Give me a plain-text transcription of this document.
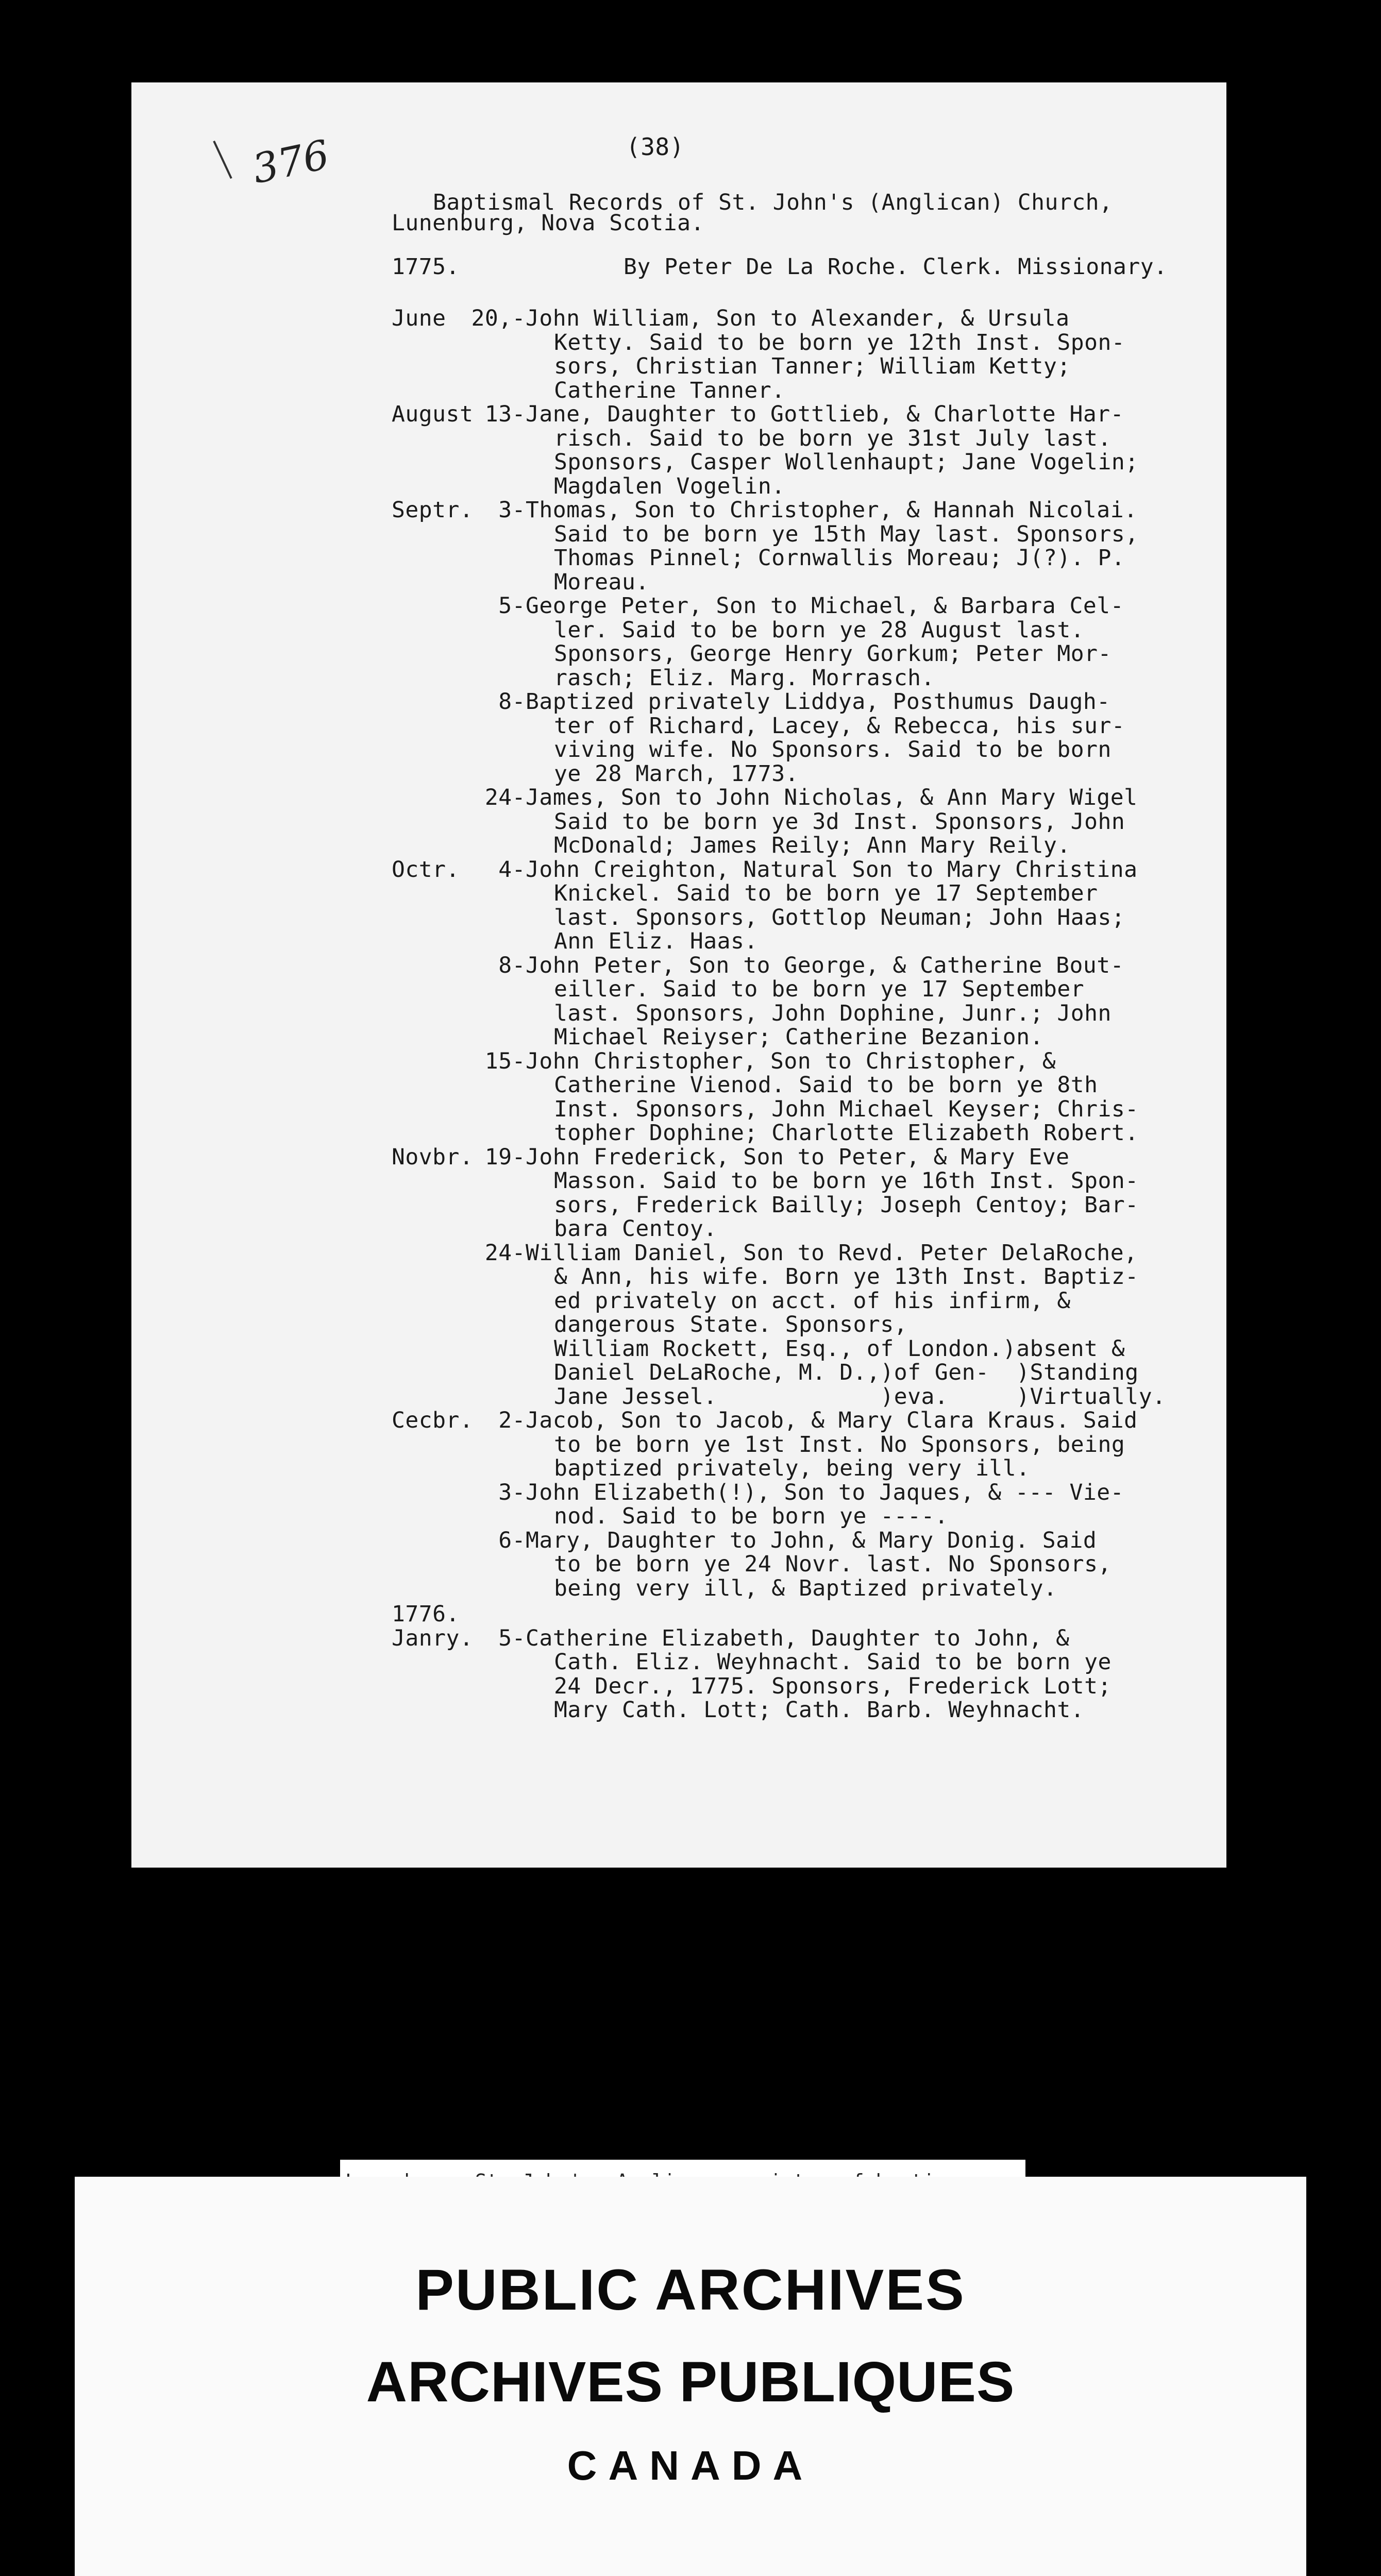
376	(38)
Baptismal Records of St. John's (Anglican) Church,
Lunenburg, Nova Scotia.
1775.	By Peter De La Roche. Clerk. Missionary.
June 20,- John William, Son to Alexander, & Ursula
Ketty. Said to be born ye 12th Inst. Spon-
sors, Christian Tanner; William Ketty;
Catherine Tanner.
August 13- Jane, Daughter to Gottlieb, & Charlotte Har-
risch. Said to be born ye 31st July last.
Sponsors, Casper Wollenhaupt; Jane Vogelin;
Magdalen Vogelin.
Septr. 3- Thomas, Son to Christopher, & Hannah Nicolai.
Said to be born ye 15th May last. Sponsors,
Thomas Pinnel; Cornwallis Moreau; J(?). P.
Moreau.
5- George Peter, Son to Michael, & Barbara Cel-
ler. Said to be born ye 28 August last.
Sponsors, George Henry Gorkum; Peter Mor-
rasch; Eliz. Marg. Morrasch.
8- Baptized privately Liddya, Posthumus Daugh-
ter of Richard, Lacey, & Rebecca, his sur-
viving wife. No Sponsors. Said to be born
ye 28 March, 1773.
24- James, Son to John Nicholas, & Ann Mary Wigel
Said to be born ye 3d Inst. Sponsors, John
McDonald; James Reily; Ann Mary Reily.
Octr. 4- John Creighton, Natural Son to Mary Christina
Knickel. Said to be born ye 17 September
last. Sponsors, Gottlop Neuman; John Haas;
Ann Eliz. Haas.
8- John Peter, Son to George, & Catherine Bout-
eiller. Said to be born ye 17 September
last. Sponsors, John Dophine, Junr.; John
Michael Reiyser; Catherine Bezanion.
15- John Christopher, Son to Christopher, &
Catherine Vienod. Said to be born ye 8th
Inst. Sponsors, John Michael Keyser; Chris-
topher Dophine; Charlotte Elizabeth Robert.
Novbr. 19- John Frederick, Son to Peter, & Mary Eve
Masson. Said to be born ye 16th Inst. Spon-
sors, Frederick Bailly; Joseph Centoy; Bar-
bara Centoy.
24- William Daniel, Son to Revd. Peter DelaRoche,
& Ann, his wife. Born ye 13th Inst. Baptiz-
ed privately on acct. of his infirm, &
dangerous State. Sponsors,
William Rockett, Esq., of London.)absent &
Daniel DeLaRoche, M. D.,)of Gen-  )Standing
Jane Jessel.            )eva.     )Virtually.
Cecbr. 2- Jacob, Son to Jacob, & Mary Clara Kraus. Said
to be born ye 1st Inst. No Sponsors, being
baptized privately, being very ill.
3- John Elizabeth(!), Son to Jaques, & --- Vie-
nod. Said to be born ye ----.
6- Mary, Daughter to John, & Mary Donig. Said
to be born ye 24 Novr. last. No Sponsors,
being very ill, & Baptized privately.
1776.
Janry. 5- Catherine Elizabeth, Daughter to John, &
Cath. Eliz. Weyhnacht. Said to be born ye
24 Decr., 1775. Sponsors, Frederick Lott;
Mary Cath. Lott; Cath. Barb. Weyhnacht.
PUBLIC ARCHIVES
ARCHIVES PUBLIQUES
CANADA
